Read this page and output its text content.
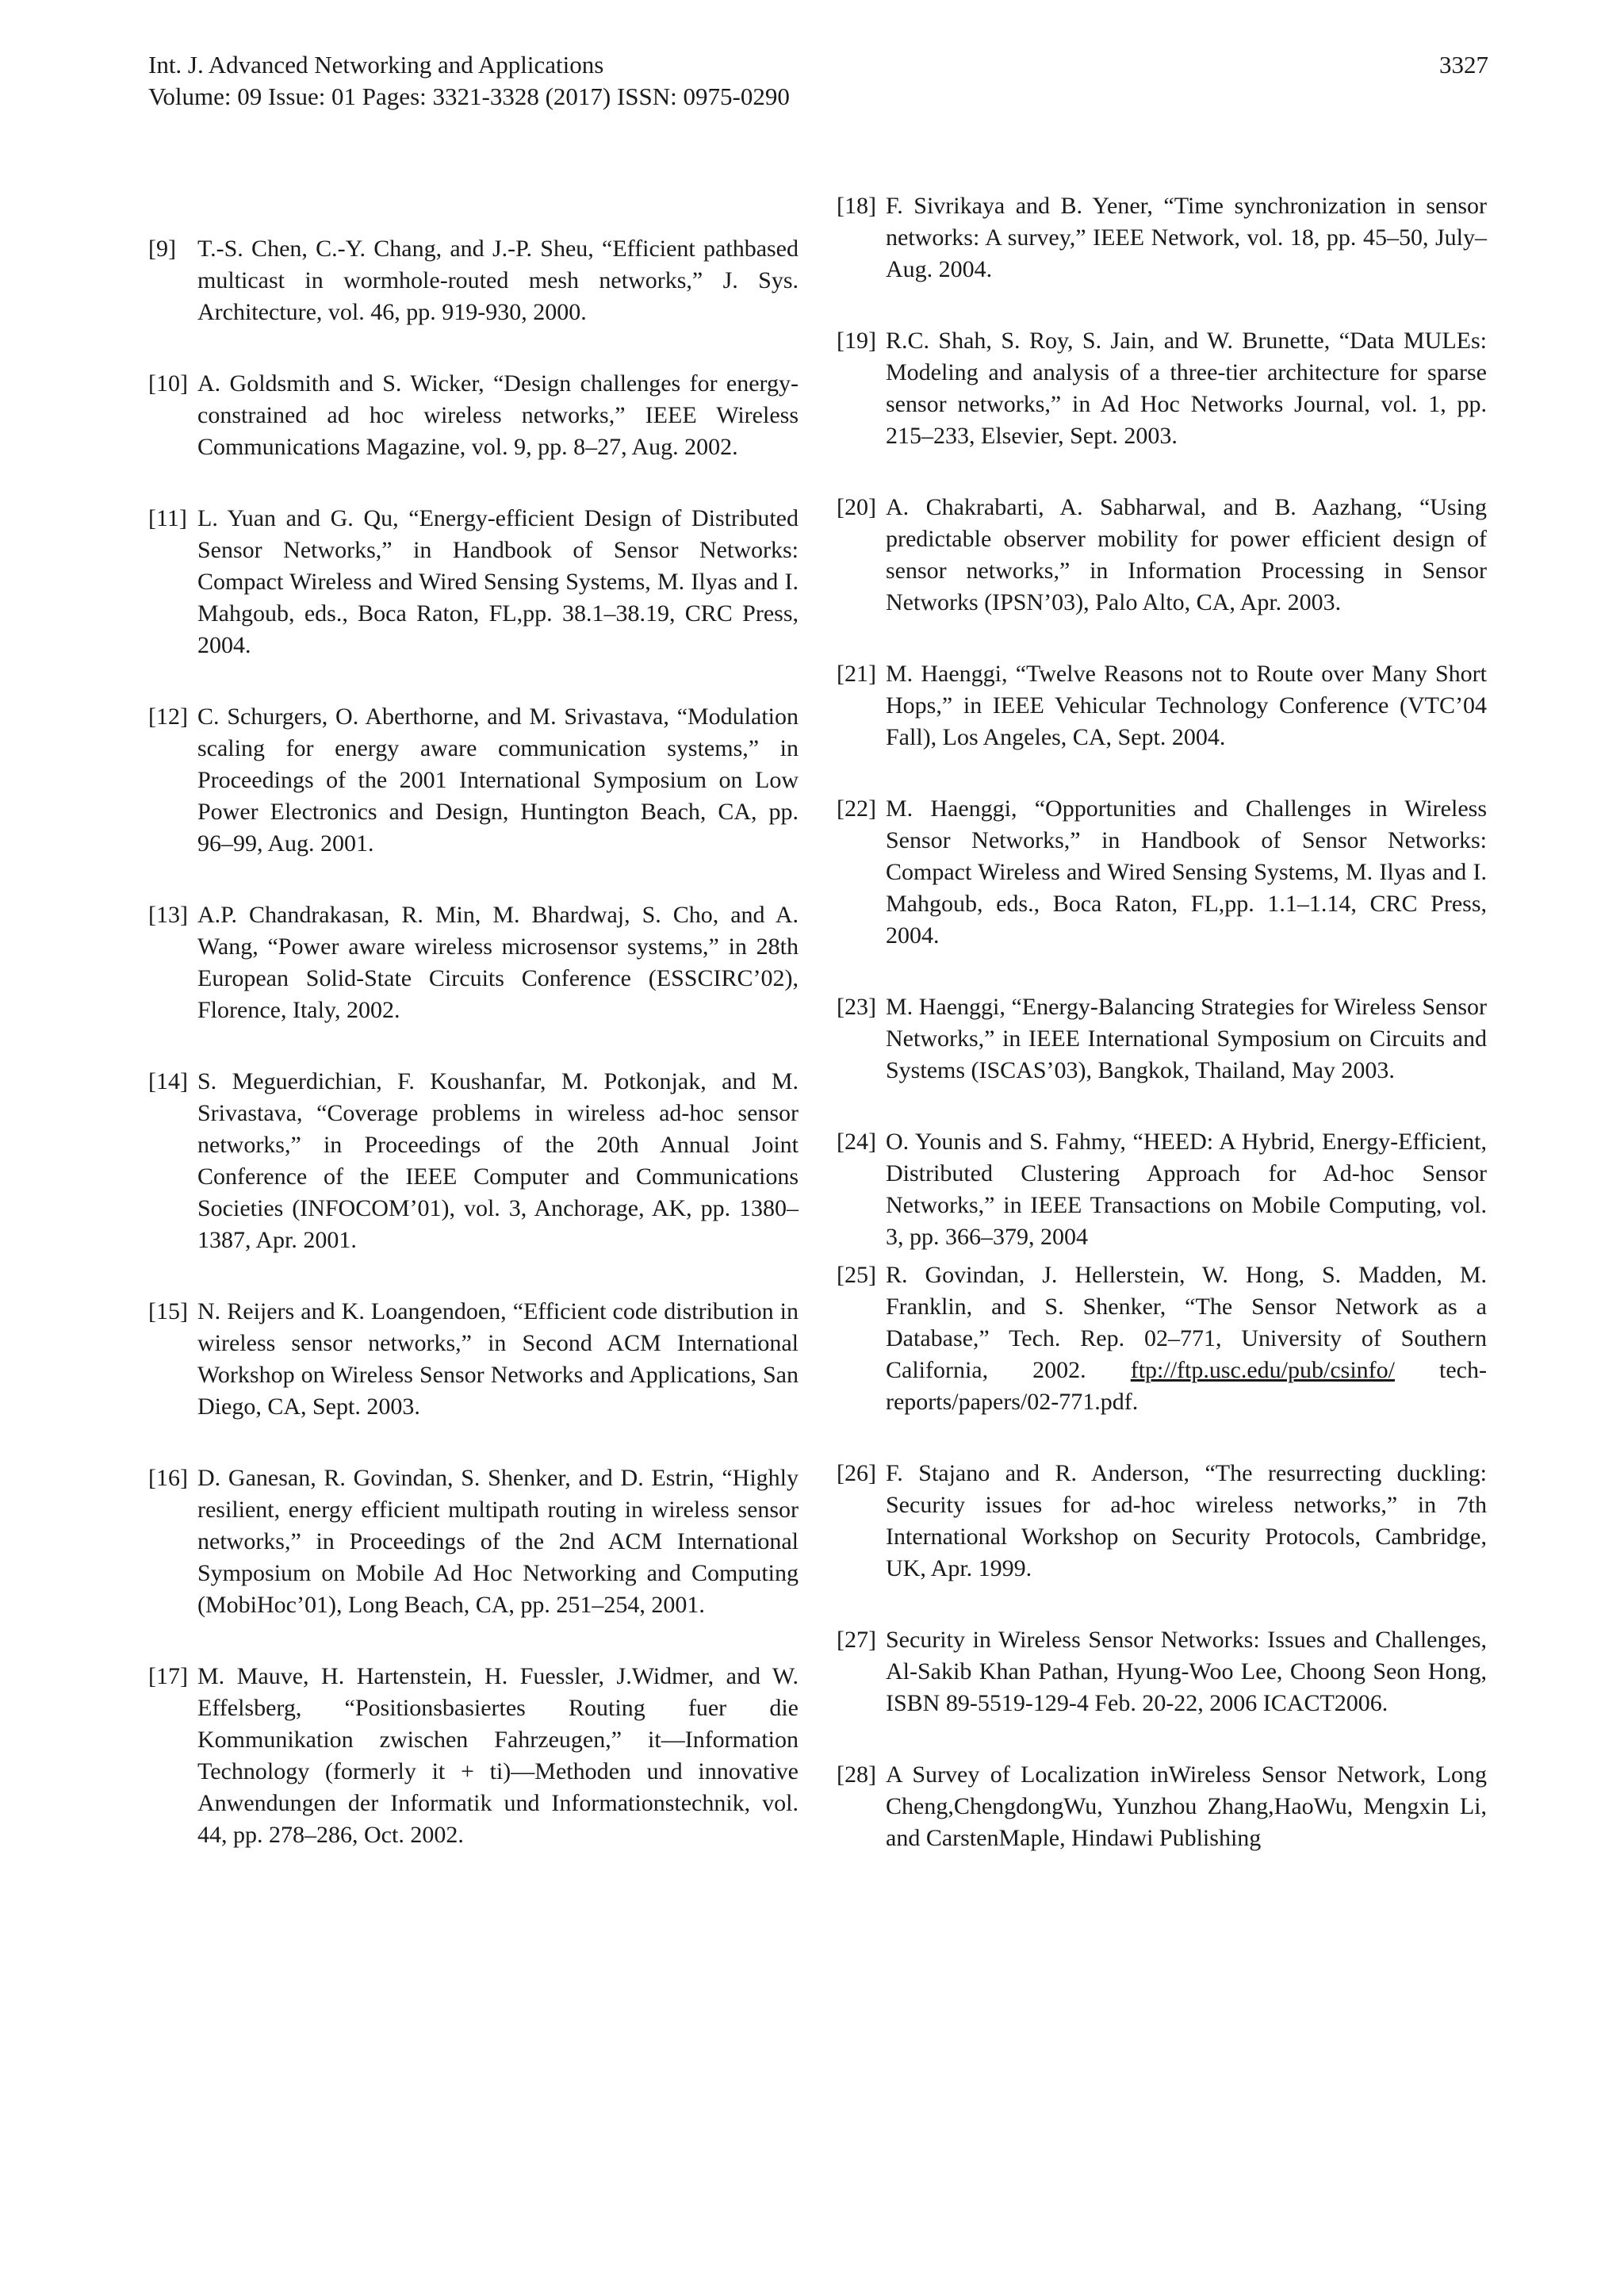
Int. J. Advanced Networking and Applications	3327
Volume: 09 Issue: 01 Pages: 3321-3328 (2017) ISSN: 0975-0290
[9] T.-S. Chen, C.-Y. Chang, and J.-P. Sheu, “Efficient pathbased multicast in wormhole-routed mesh networks,” J. Sys. Architecture, vol. 46, pp. 919-930, 2000.
[10] A. Goldsmith and S. Wicker, “Design challenges for energy-constrained ad hoc wireless networks,” IEEE Wireless Communications Magazine, vol. 9, pp. 8–27, Aug. 2002.
[11] L. Yuan and G. Qu, “Energy-efficient Design of Distributed Sensor Networks,” in Handbook of Sensor Networks: Compact Wireless and Wired Sensing Systems, M. Ilyas and I. Mahgoub, eds., Boca Raton, FL,pp. 38.1–38.19, CRC Press, 2004.
[12] C. Schurgers, O. Aberthorne, and M. Srivastava, “Modulation scaling for energy aware communication systems,” in Proceedings of the 2001 International Symposium on Low Power Electronics and Design, Huntington Beach, CA, pp. 96–99, Aug. 2001.
[13] A.P. Chandrakasan, R. Min, M. Bhardwaj, S. Cho, and A. Wang, “Power aware wireless microsensor systems,” in 28th European Solid-State Circuits Conference (ESSCIRC’02), Florence, Italy, 2002.
[14] S. Meguerdichian, F. Koushanfar, M. Potkonjak, and M. Srivastava, “Coverage problems in wireless ad-hoc sensor networks,” in Proceedings of the 20th Annual Joint Conference of the IEEE Computer and Communications Societies (INFOCOM’01), vol. 3, Anchorage, AK, pp. 1380–1387, Apr. 2001.
[15] N. Reijers and K. Loangendoen, “Efficient code distribution in wireless sensor networks,” in Second ACM International Workshop on Wireless Sensor Networks and Applications, San Diego, CA, Sept. 2003.
[16] D. Ganesan, R. Govindan, S. Shenker, and D. Estrin, “Highly resilient, energy efficient multipath routing in wireless sensor networks,” in Proceedings of the 2nd ACM International Symposium on Mobile Ad Hoc Networking and Computing (MobiHoc’01), Long Beach, CA, pp. 251–254, 2001.
[17] M. Mauve, H. Hartenstein, H. Fuessler, J.Widmer, and W. Effelsberg, “Positionsbasiertes Routing fuer die Kommunikation zwischen Fahrzeugen,” it—Information Technology (formerly it + ti)—Methoden und innovative Anwendungen der Informatik und Informationstechnik, vol. 44, pp. 278–286, Oct. 2002.
[18] F. Sivrikaya and B. Yener, “Time synchronization in sensor networks: A survey,” IEEE Network, vol. 18, pp. 45–50, July–Aug. 2004.
[19] R.C. Shah, S. Roy, S. Jain, and W. Brunette, “Data MULEs: Modeling and analysis of a three-tier architecture for sparse sensor networks,” in Ad Hoc Networks Journal, vol. 1, pp. 215–233, Elsevier, Sept. 2003.
[20] A. Chakrabarti, A. Sabharwal, and B. Aazhang, “Using predictable observer mobility for power efficient design of sensor networks,” in Information Processing in Sensor Networks (IPSN’03), Palo Alto, CA, Apr. 2003.
[21] M. Haenggi, “Twelve Reasons not to Route over Many Short Hops,” in IEEE Vehicular Technology Conference (VTC’04 Fall), Los Angeles, CA, Sept. 2004.
[22] M. Haenggi, “Opportunities and Challenges in Wireless Sensor Networks,” in Handbook of Sensor Networks: Compact Wireless and Wired Sensing Systems, M. Ilyas and I. Mahgoub, eds., Boca Raton, FL,pp. 1.1–1.14, CRC Press, 2004.
[23] M. Haenggi, “Energy-Balancing Strategies for Wireless Sensor Networks,” in IEEE International Symposium on Circuits and Systems (ISCAS’03), Bangkok, Thailand, May 2003.
[24] O. Younis and S. Fahmy, “HEED: A Hybrid, Energy-Efficient, Distributed Clustering Approach for Ad-hoc Sensor Networks,” in IEEE Transactions on Mobile Computing, vol. 3, pp. 366–379, 2004
[25] R. Govindan, J. Hellerstein, W. Hong, S. Madden, M. Franklin, and S. Shenker, “The Sensor Network as a Database,” Tech. Rep. 02–771, University of Southern California, 2002. ftp://ftp.usc.edu/pub/csinfo/ tech-reports/papers/02-771.pdf.
[26] F. Stajano and R. Anderson, “The resurrecting duckling: Security issues for ad-hoc wireless networks,” in 7th International Workshop on Security Protocols, Cambridge, UK, Apr. 1999.
[27] Security in Wireless Sensor Networks: Issues and Challenges, Al-Sakib Khan Pathan, Hyung-Woo Lee, Choong Seon Hong, ISBN 89-5519-129-4 Feb. 20-22, 2006 ICACT2006.
[28] A Survey of Localization inWireless Sensor Network, Long Cheng,ChengdongWu, Yunzhou Zhang,HaoWu, Mengxin Li, and CarstenMaple, Hindawi Publishing
